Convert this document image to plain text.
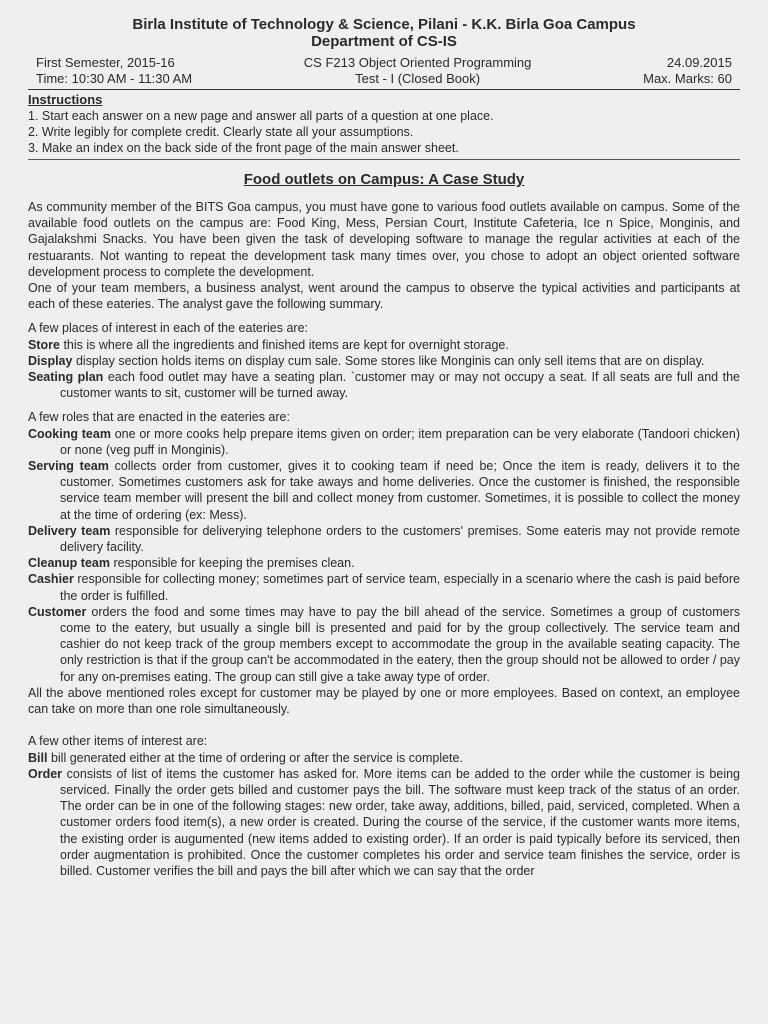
Birla Institute of Technology & Science, Pilani - K.K. Birla Goa Campus
Department of CS-IS
First Semester, 2015-16
Time: 10:30 AM - 11:30 AM
CS F213 Object Oriented Programming
Test - I (Closed Book)
24.09.2015
Max. Marks: 60
Instructions
1. Start each answer on a new page and answer all parts of a question at one place.
2. Write legibly for complete credit. Clearly state all your assumptions.
3. Make an index on the back side of the front page of the main answer sheet.
Food outlets on Campus: A Case Study

As community member of the BITS Goa campus, you must have gone to various food outlets available on campus. Some of the available food outlets on the campus are: Food King, Mess, Persian Court, Institute Cafeteria, Ice n Spice, Monginis, and Gajalakshmi Snacks. You have been given the task of developing software to manage the regular activities at each of the restuarants. Not wanting to repeat the development task many times over, you chose to adopt an object oriented software development process to complete the development.

One of your team members, a business analyst, went around the campus to observe the typical activities and participants at each of these eateries. The analyst gave the following summary.

A few places of interest in each of the eateries are:

Store this is where all the ingredients and finished items are kept for overnight storage.
Display display section holds items on display cum sale. Some stores like Monginis can only sell items that are on display.
Seating plan each food outlet may have a seating plan. `customer may or may not occupy a seat. If all seats are full and the customer wants to sit, customer will be turned away.

A few roles that are enacted in the eateries are:

Cooking team one or more cooks help prepare items given on order; item preparation can be very elaborate (Tandoori chicken) or none (veg puff in Monginis).
Serving team collects order from customer, gives it to cooking team if need be; Once the item is ready, delivers it to the customer. Sometimes customers ask for take aways and home deliveries. Once the customer is finished, the responsible service team member will present the bill and collect money from customer. Sometimes, it is possible to collect the money at the time of ordering (ex: Mess).
Delivery team responsible for deliverying telephone orders to the customers' premises. Some eateris may not provide remote delivery facility.
Cleanup team responsible for keeping the premises clean.
Cashier responsible for collecting money; sometimes part of service team, especially in a scenario where the cash is paid before the order is fulfilled.
Customer orders the food and some times may have to pay the bill ahead of the service. Sometimes a group of customers come to the eatery, but usually a single bill is presented and paid for by the group collectively. The service team and cashier do not keep track of the group members except to accommodate the group in the available seating capacity. The only restriction is that if the group can't be accommodated in the eatery, then the group should not be allowed to order / pay for any on-premises eating. The group can still give a take away type of order.

All the above mentioned roles except for customer may be played by one or more employees. Based on context, an employee can take on more than one role simultaneously.

A few other items of interest are:

Bill bill generated either at the time of ordering or after the service is complete.
Order consists of list of items the customer has asked for. More items can be added to the order while the customer is being serviced. Finally the order gets billed and customer pays the bill. The software must keep track of the status of an order. The order can be in one of the following stages: new order, take away, additions, billed, paid, serviced, completed. When a customer orders food item(s), a new order is created. During the course of the service, if the customer wants more items, the existing order is augumented (new items added to existing order). If an order is paid typically before its serviced, then order augmentation is prohibited. Once the customer completes his order and service team finishes the service, order is billed. Customer verifies the bill and pays the bill after which we can say that the order
